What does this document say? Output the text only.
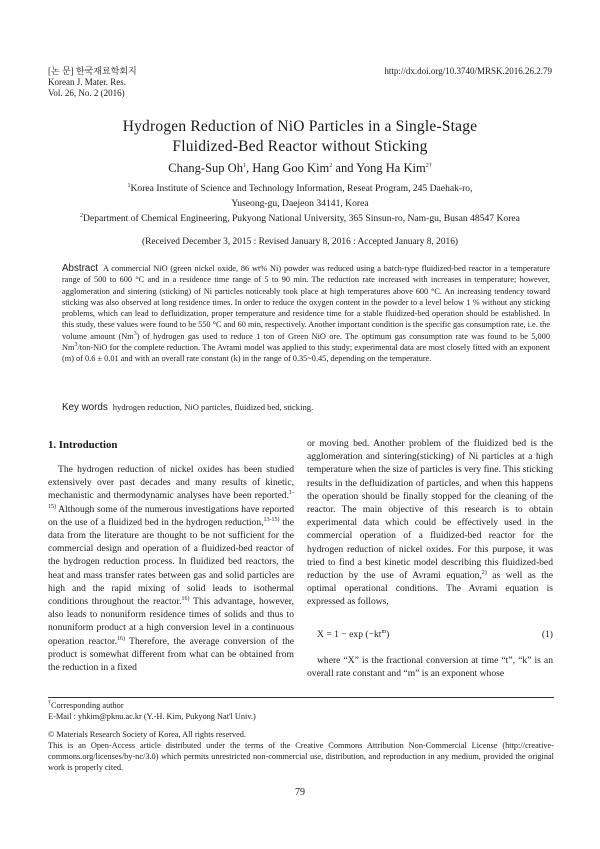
[논 문] 한국재료학회지
Korean J. Mater. Res.
Vol. 26, No. 2 (2016)
http://dx.doi.org/10.3740/MRSK.2016.26.2.79
Hydrogen Reduction of NiO Particles in a Single-Stage
Fluidized-Bed Reactor without Sticking
Chang-Sup Oh$^1$, Hang Goo Kim$^2$ and Yong Ha Kim$^{2\dagger}$
$^1$Korea Institute of Science and Technology Information, Reseat Program, 245 Daehak-ro,
Yuseong-gu, Daejeon 34141, Korea
$^2$Department of Chemical Engineering, Pukyong National University, 365 Sinsun-ro, Nam-gu, Busan 48547 Korea
(Received December 3, 2015 : Revised January 8, 2016 : Accepted January 8, 2016)
Abstract A commercial NiO (green nickel oxide, 86 wt% Ni) powder was reduced using a batch-type fluidized-bed reactor in a temperature range of 500 to 600 °C and in a residence time range of 5 to 90 min. The reduction rate increased with increases in temperature; however, agglomeration and sintering (sticking) of Ni particles noticeably took place at high temperatures above 600 °C. An increasing tendency toward sticking was also observed at long residence times. In order to reduce the oxygen content in the powder to a level below 1 % without any sticking problems, which can lead to defluidization, proper temperature and residence time for a stable fluidized-bed operation should be established. In this study, these values were found to be 550 °C and 60 min, respectively. Another important condition is the specific gas consumption rate, i.e. the volume amount (Nm$^3$) of hydrogen gas used to reduce 1 ton of Green NiO ore. The optimum gas consumption rate was found to be 5,000 Nm$^3$/ton-NiO for the complete reduction. The Avrami model was applied to this study; experimental data are most closely fitted with an exponent (m) of 0.6 ± 0.01 and with an overall rate constant (k) in the range of 0.35~0.45, depending on the temperature.
Key words hydrogen reduction, NiO particles, fluidized bed, sticking.
1. Introduction

The hydrogen reduction of nickel oxides has been studied extensively over past decades and many results of kinetic, mechanistic and thermodynamic analyses have been reported.$^{1-15)}$ Although some of the numerous investigations have reported on the use of a fluidized bed in the hydrogen reduction,$^{13-15)}$ the data from the literature are thought to be not sufficient for the commercial design and operation of a fluidized-bed reactor of the hydrogen reduction process. In fluidized bed reactors, the heat and mass transfer rates between gas and solid particles are high and the rapid mixing of solid leads to isothermal conditions throughout the reactor.$^{16)}$ This advantage, however, also leads to nonuniform residence times of solids and thus to nonuniform product at a high conversion level in a continuous operation reactor.$^{16)}$ Therefore, the average conversion of the product is somewhat different from what can be obtained from the reduction in a fixed

or moving bed. Another problem of the fluidized bed is the agglomeration and sintering(sticking) of Ni particles at a high temperature when the size of particles is very fine. This sticking results in the defluidization of particles, and when this happens the operation should be finally stopped for the cleaning of the reactor. The main objective of this research is to obtain experimental data which could be effectively used in the commercial operation of a fluidized-bed reactor for the hydrogen reduction of nickel oxides. For this purpose, it was tried to find a best kinetic model describing this fluidized-bed reduction by the use of Avrami equation,$^{2)}$ as well as the optimal operational conditions. The Avrami equation is expressed as follows,

$X = 1 - \exp (-kt^m)$	(1)

where “X” is the fractional conversion at time “t”, “k” is an overall rate constant and “m” is an exponent whose

†Corresponding author

E-Mail : yhkim@pknu.ac.kr (Y.-H. Kim, Pukyong Nat'l Univ.)

© Materials Research Society of Korea, All rights reserved.

This is an Open-Access article distributed under the terms of the Creative Commons Attribution Non-Commercial License (http://creative-commons.org/licenses/by-nc/3.0) which permits unrestricted non-commercial use, distribution, and reproduction in any medium, provided the original work is properly cited.

79
